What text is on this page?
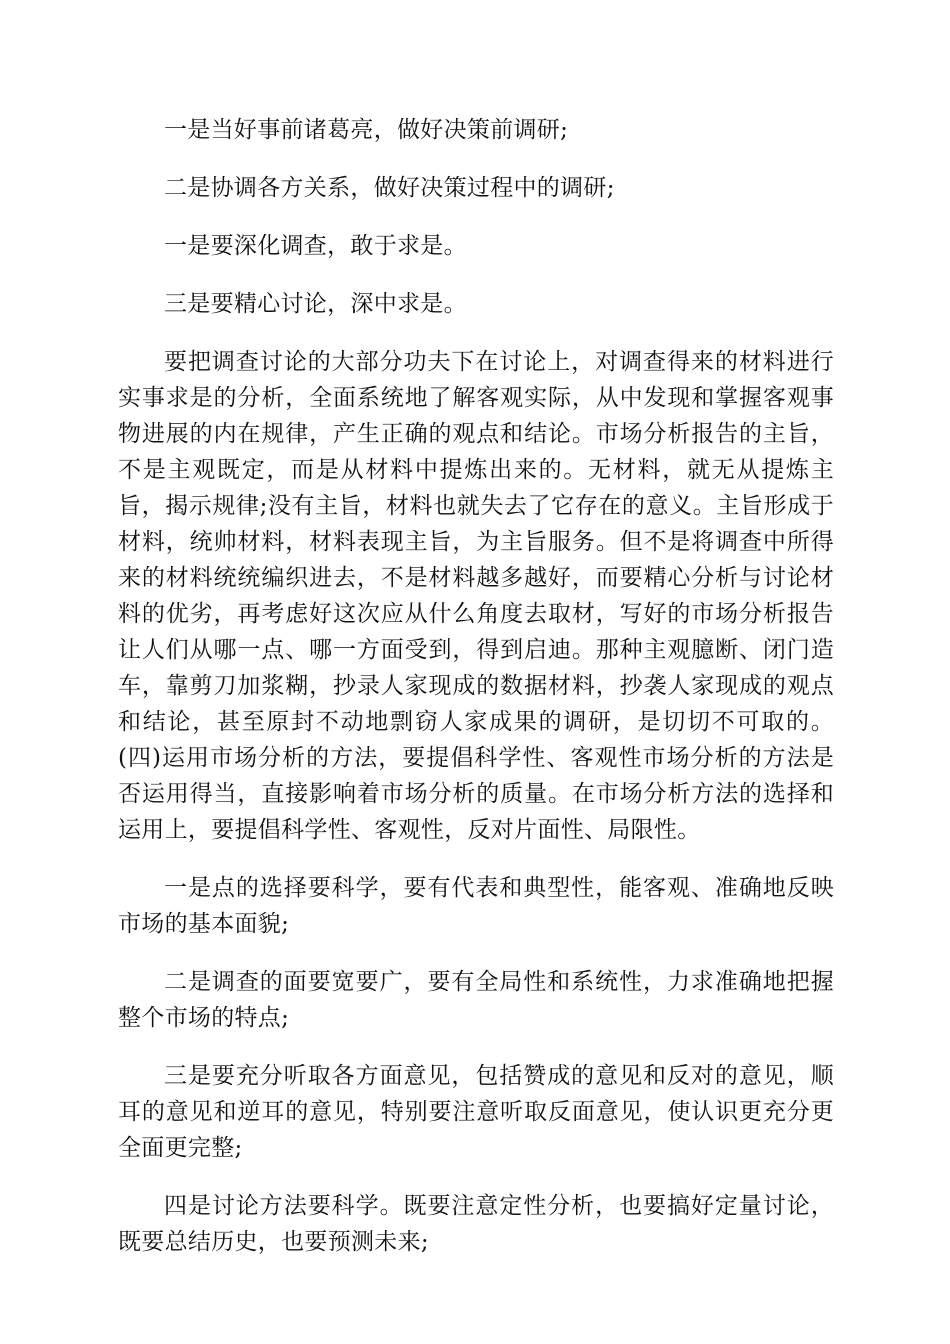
一是当好事前诸葛亮，做好决策前调研;

二是协调各方关系，做好决策过程中的调研;

一是要深化调查，敢于求是。

三是要精心讨论，深中求是。

要把调查讨论的大部分功夫下在讨论上，对调查得来的材料进行实事求是的分析，全面系统地了解客观实际，从中发现和掌握客观事物进展的内在规律，产生正确的观点和结论。市场分析报告的主旨，不是主观既定，而是从材料中提炼出来的。无材料，就无从提炼主旨，揭示规律;没有主旨，材料也就失去了它存在的意义。主旨形成于材料，统帅材料，材料表现主旨，为主旨服务。但不是将调查中所得来的材料统统编织进去，不是材料越多越好，而要精心分析与讨论材料的优劣，再考虑好这次应从什么角度去取材，写好的市场分析报告让人们从哪一点、哪一方面受到，得到启迪。那种主观臆断、闭门造车，靠剪刀加浆糊，抄录人家现成的数据材料，抄袭人家现成的观点和结论，甚至原封不动地剽窃人家成果的调研，是切切不可取的。(四)运用市场分析的方法，要提倡科学性、客观性市场分析的方法是否运用得当，直接影响着市场分析的质量。在市场分析方法的选择和运用上，要提倡科学性、客观性，反对片面性、局限性。

一是点的选择要科学，要有代表和典型性，能客观、准确地反映市场的基本面貌;

二是调查的面要宽要广，要有全局性和系统性，力求准确地把握整个市场的特点;

三是要充分听取各方面意见，包括赞成的意见和反对的意见，顺耳的意见和逆耳的意见，特别要注意听取反面意见，使认识更充分更全面更完整;

四是讨论方法要科学。既要注意定性分析，也要搞好定量讨论，既要总结历史，也要预测未来;
